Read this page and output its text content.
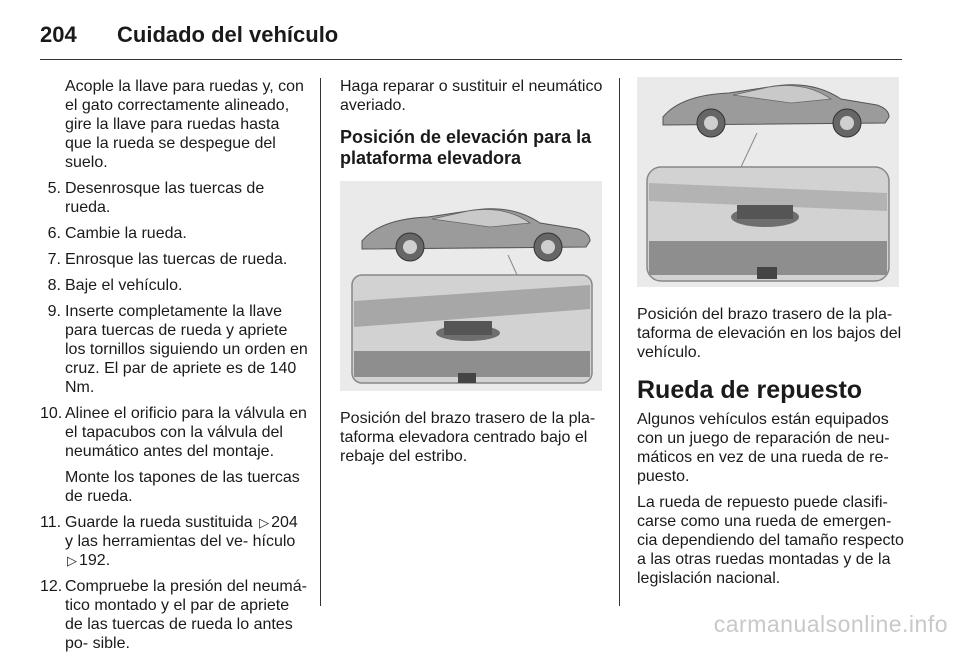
204 Cuidado del vehículo

Acople la llave para ruedas y, con el gato correctamente alineado, gire la llave para ruedas hasta que la rueda se despegue del suelo.

5. Desenrosque las tuercas de rueda.
6. Cambie la rueda.
7. Enrosque las tuercas de rueda.
8. Baje el vehículo.
9. Inserte completamente la llave para tuercas de rueda y apriete los tornillos siguiendo un orden en cruz. El par de apriete es de 140 Nm.
10. Alinee el orificio para la válvula en el tapacubos con la válvula del neumático antes del montaje.
Monte los tapones de las tuercas de rueda.
11. Guarde la rueda sustituida ▷ 204 y las herramientas del ve- hículo ▷ 192.
12. Compruebe la presión del neumá- tico montado y el par de apriete de las tuercas de rueda lo antes po- sible.

Haga reparar o sustituir el neumático averiado.

Posición de elevación para la plataforma elevadora

Posición del brazo trasero de la pla- taforma elevadora centrado bajo el rebaje del estribo.

Posición del brazo trasero de la pla- taforma de elevación en los bajos del vehículo.

Rueda de repuesto

Algunos vehículos están equipados con un juego de reparación de neu- máticos en vez de una rueda de re- puesto.

La rueda de repuesto puede clasifi- carse como una rueda de emergen- cia dependiendo del tamaño respecto a las otras ruedas montadas y de la legislación nacional.

carmanualsonline.info
